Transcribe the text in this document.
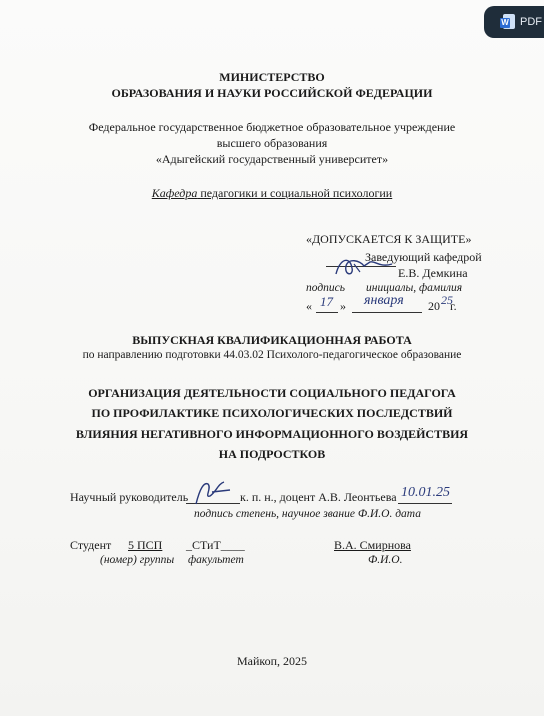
W PDF
МИНИСТЕРСТВО
ОБРАЗОВАНИЯ И НАУКИ РОССИЙСКОЙ ФЕДЕРАЦИИ
Федеральное государственное бюджетное образовательное учреждение
высшего образования
«Адыгейский государственный университет»
Кафедра педагогики и социальной психологии
«ДОПУСКАЕТСЯ К ЗАЩИТЕ»
Заведующий кафедрой
Е.В. Демкина
подпись инициалы, фамилия
« 17 » января 20 25
г.
ВЫПУСКНАЯ КВАЛИФИКАЦИОННАЯ РАБОТА
по направлению подготовки 44.03.02 Психолого-педагогическое образование
ОРГАНИЗАЦИЯ ДЕЯТЕЛЬНОСТИ СОЦИАЛЬНОГО ПЕДАГОГА
ПО ПРОФИЛАКТИКЕ ПСИХОЛОГИЧЕСКИХ ПОСЛЕДСТВИЙ
ВЛИЯНИЯ НЕГАТИВНОГО ИНФОРМАЦИОННОГО ВОЗДЕЙСТВИЯ
НА ПОДРОСТКОВ
Научный руководитель	к. п. н., доцент А.В. Леонтьева 10.01.25
подпись степень, научное звание Ф.И.О. дата
Студент 5 ПСП _СТиТ____	В.А. Смирнова
(номер) группы факультет	Ф.И.О.
Майкоп, 2025
